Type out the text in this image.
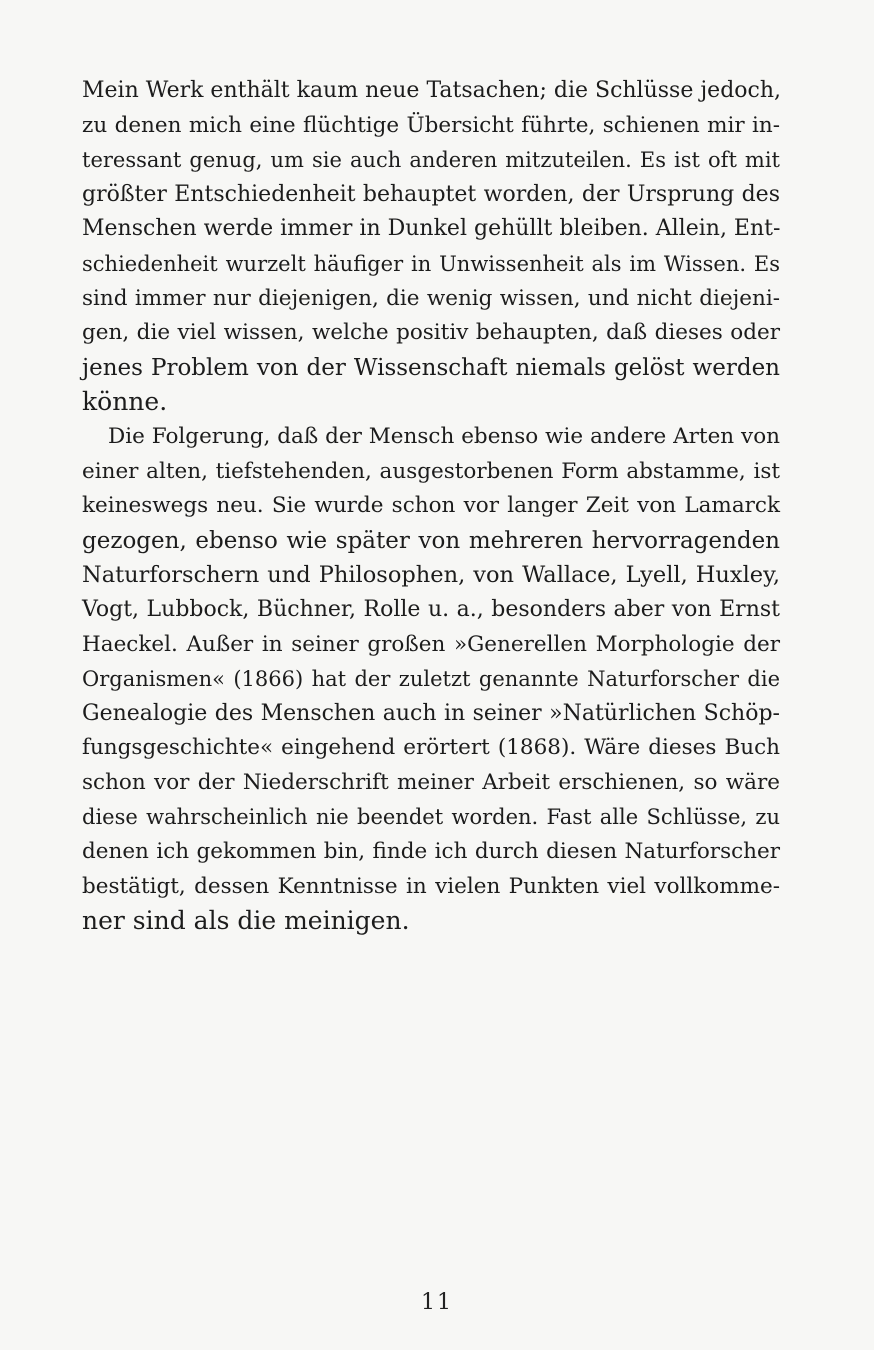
Mein Werk enthält kaum neue Tatsachen; die Schlüsse jedoch,
zu denen mich eine flüchtige Übersicht führte, schienen mir in-
teressant genug, um sie auch anderen mitzuteilen. Es ist oft mit
größter Entschiedenheit behauptet worden, der Ursprung des
Menschen werde immer in Dunkel gehüllt bleiben. Allein, Ent-
schiedenheit wurzelt häufiger in Unwissenheit als im Wissen. Es
sind immer nur diejenigen, die wenig wissen, und nicht diejeni-
gen, die viel wissen, welche positiv behaupten, daß dieses oder
jenes Problem von der Wissenschaft niemals gelöst werden
könne.
Die Folgerung, daß der Mensch ebenso wie andere Arten von
einer alten, tiefstehenden, ausgestorbenen Form abstamme, ist
keineswegs neu. Sie wurde schon vor langer Zeit von Lamarck
gezogen, ebenso wie später von mehreren hervorragenden
Naturforschern und Philosophen, von Wallace, Lyell, Huxley,
Vogt, Lubbock, Büchner, Rolle u. a., besonders aber von Ernst
Haeckel. Außer in seiner großen »Generellen Morphologie der
Organismen« (1866) hat der zuletzt genannte Naturforscher die
Genealogie des Menschen auch in seiner »Natürlichen Schöp-
fungsgeschichte« eingehend erörtert (1868). Wäre dieses Buch
schon vor der Niederschrift meiner Arbeit erschienen, so wäre
diese wahrscheinlich nie beendet worden. Fast alle Schlüsse, zu
denen ich gekommen bin, finde ich durch diesen Naturforscher
bestätigt, dessen Kenntnisse in vielen Punkten viel vollkomme-
ner sind als die meinigen.
11
